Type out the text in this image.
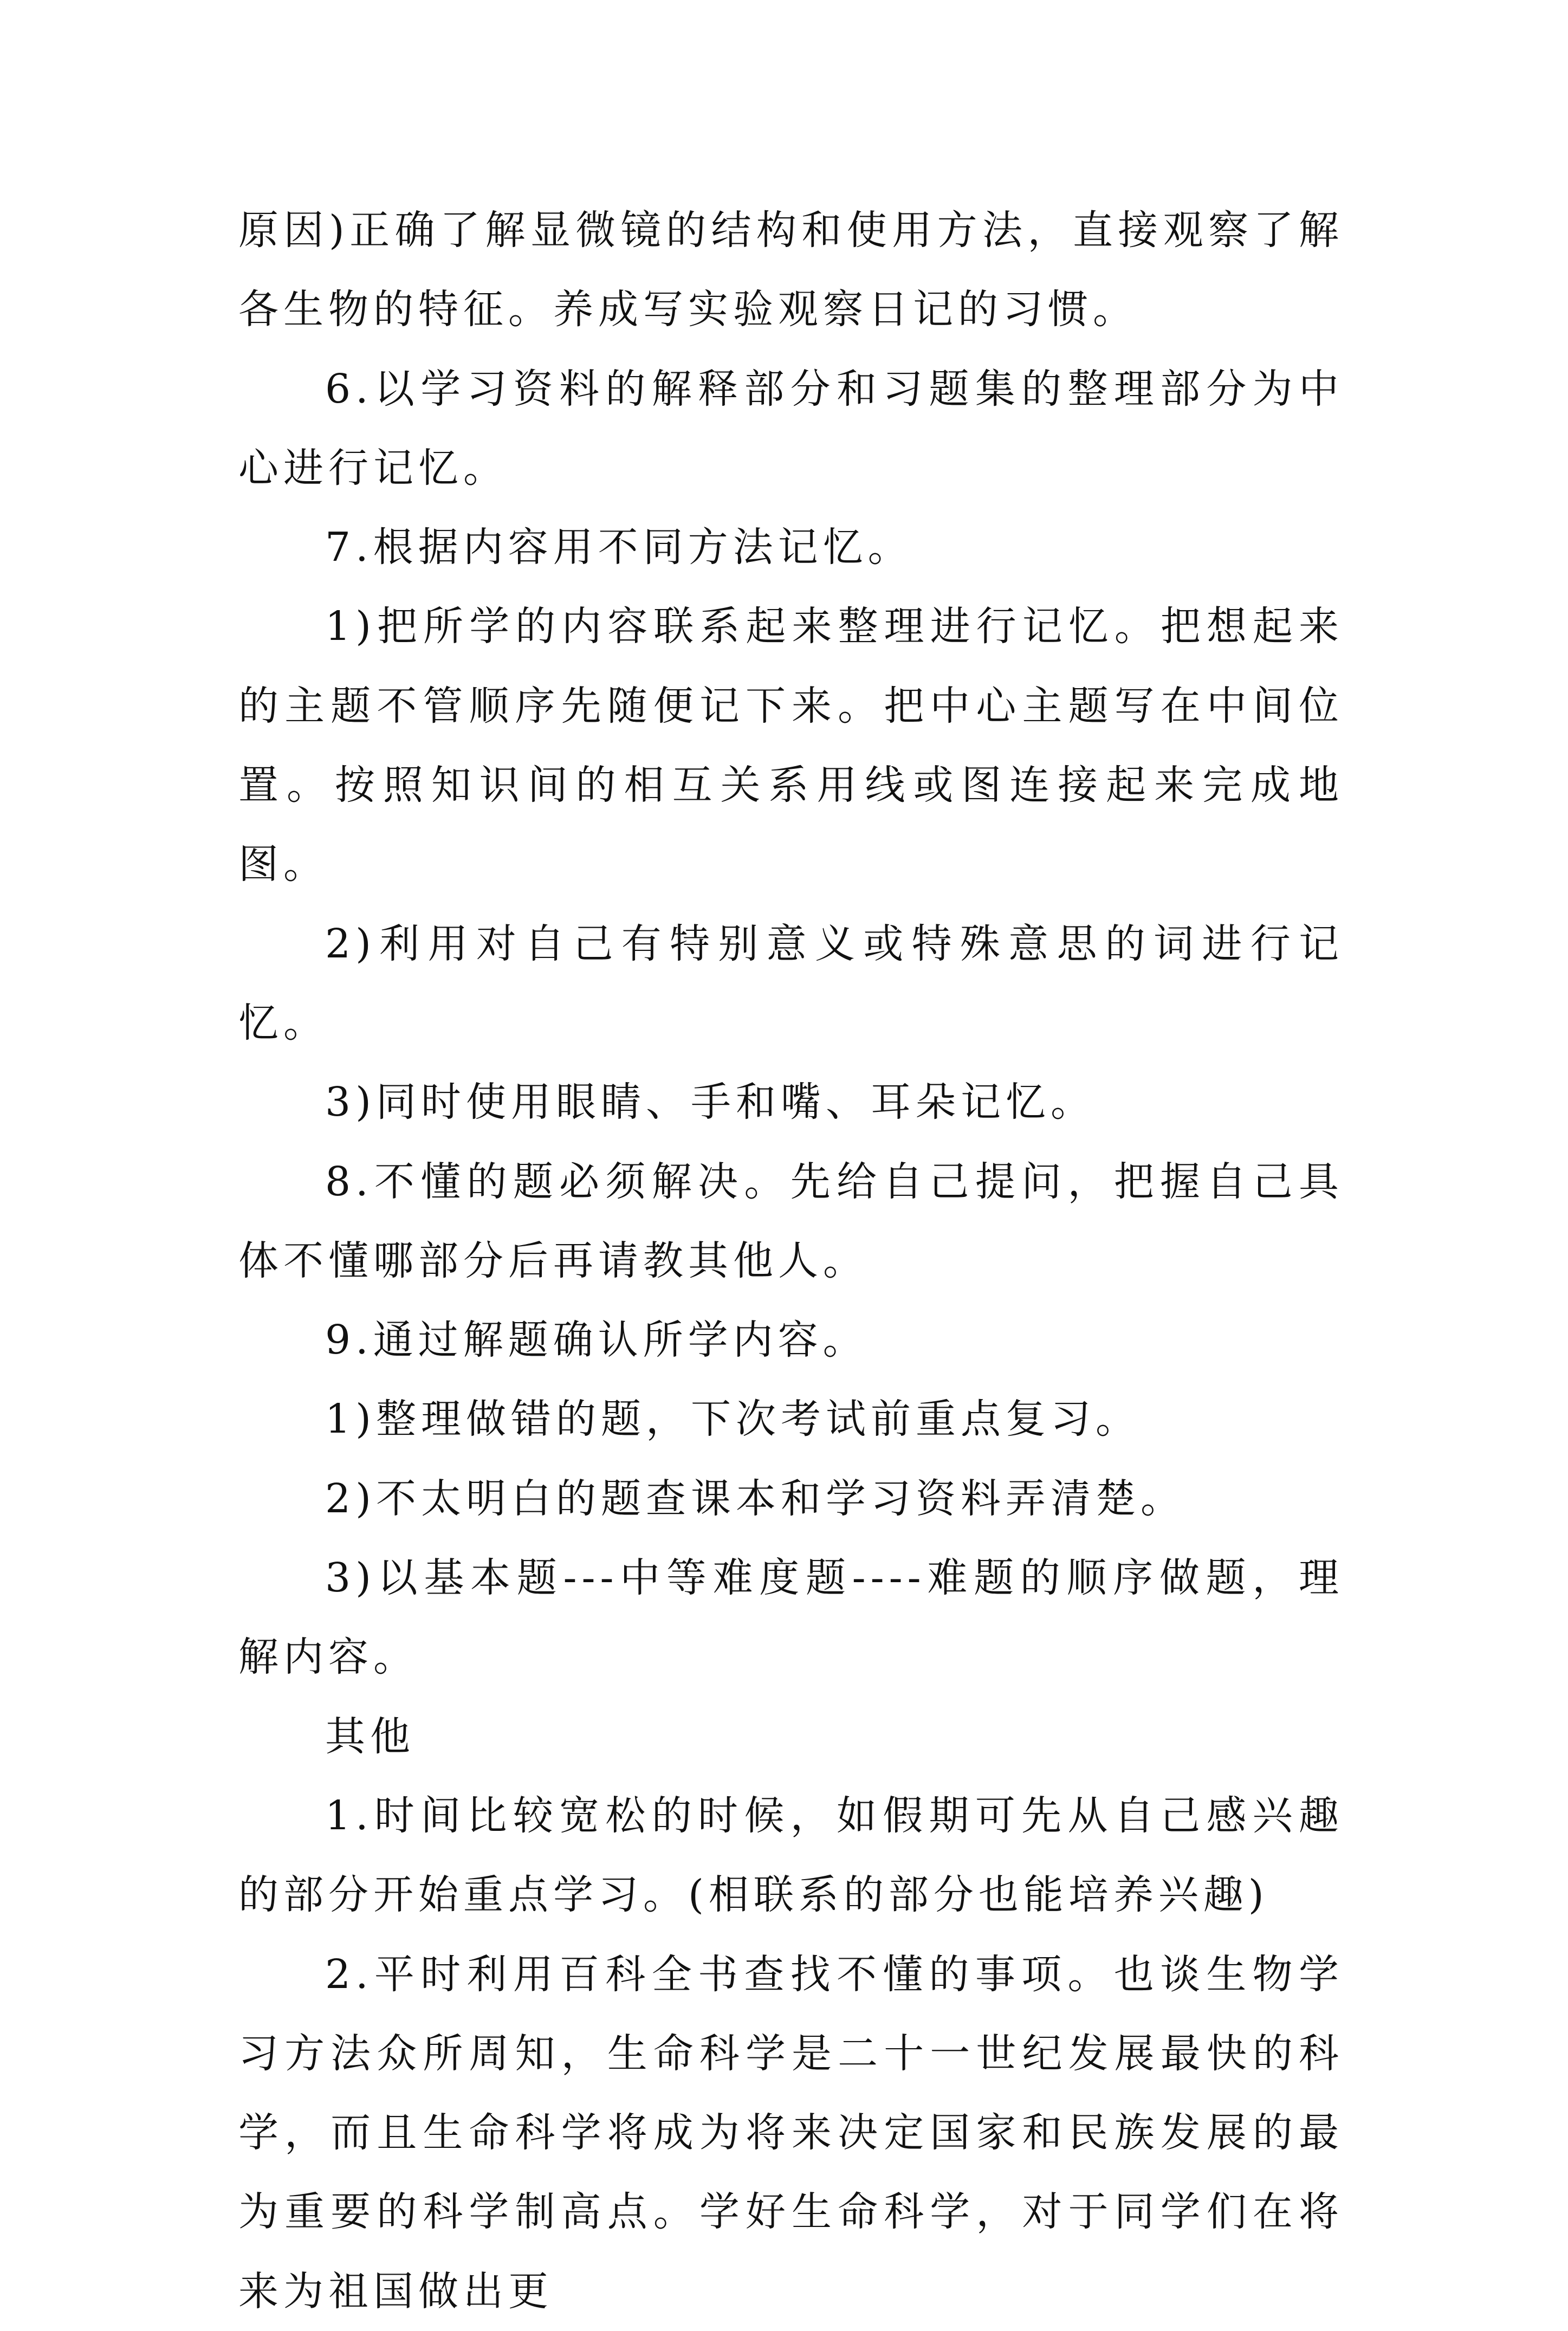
原因)正确了解显微镜的结构和使用方法，直接观察了解各生物的特征。养成写实验观察日记的习惯。

6.以学习资料的解释部分和习题集的整理部分为中心进行记忆。

7.根据内容用不同方法记忆。

1)把所学的内容联系起来整理进行记忆。把想起来的主题不管顺序先随便记下来。把中心主题写在中间位置。按照知识间的相互关系用线或图连接起来完成地图。

2)利用对自己有特别意义或特殊意思的词进行记忆。

3)同时使用眼睛、手和嘴、耳朵记忆。

8.不懂的题必须解决。先给自己提问，把握自己具体不懂哪部分后再请教其他人。

9.通过解题确认所学内容。

1)整理做错的题，下次考试前重点复习。

2)不太明白的题查课本和学习资料弄清楚。

3)以基本题---中等难度题----难题的顺序做题，理解内容。

其他

1.时间比较宽松的时候，如假期可先从自己感兴趣的部分开始重点学习。(相联系的部分也能培养兴趣)

2.平时利用百科全书查找不懂的事项。也谈生物学习方法众所周知，生命科学是二十一世纪发展最快的科学，而且生命科学将成为将来决定国家和民族发展的最为重要的科学制高点。学好生命科学，对于同学们在将来为祖国做出更
